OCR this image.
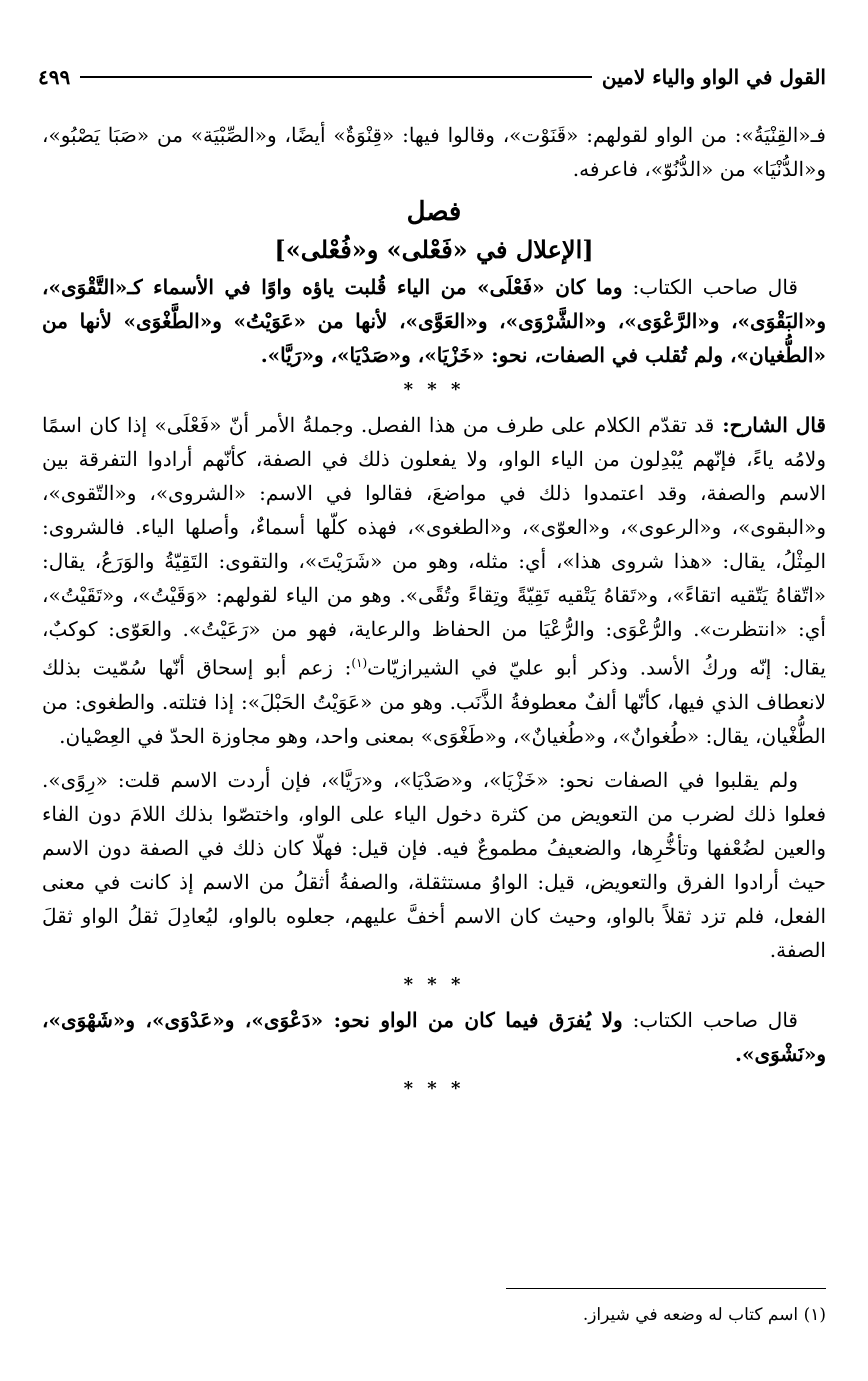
القول في الواو والياء لامين
٤٩٩

فـ«القِنْيَةُ»: من الواو لقولهم: «قَنَوْت»، وقالوا فيها: «قِنْوَةٌ» أيضًا، و«الصِّبْيَة» من «صَبَا يَصْبُو»، و«الدُّنْيَا» من «الدُّنُوّ»، فاعرفه.

فصل
[الإعلال في «فَعْلى» و«فُعْلى»]

قال صاحب الكتاب: وما كان «فَعْلَى» من الياء قُلبت ياؤه واوًا في الأسماء كـ«التَّقْوَى»، و«البَقْوَى»، و«الرَّعْوَى»، و«الشَّرْوَى»، و«العَوَّى»، لأنها من «عَوَيْتُ» و«الطَّغْوَى» لأنها من «الطُّغيان»، ولم تُقلب في الصفات، نحو: «خَزْيَا»، و«صَدْيَا»، و«رَيَّا».

* * *

قال الشارح: قد تقدّم الكلام على طرف من هذا الفصل. وجملةُ الأمر أنّ «فَعْلَى» إذا كان اسمًا ولامُه ياءً، فإنّهم يُبْدِلون من الياء الواو، ولا يفعلون ذلك في الصفة، كأنّهم أرادوا التفرقة بين الاسم والصفة، وقد اعتمدوا ذلك في مواضعَ، فقالوا في الاسم: «الشروى»، و«التّقوى»، و«البقوى»، و«الرعوى»، و«العوّى»، و«الطغوى»، فهذه كلّها أسماءٌ، وأصلها الياء. فالشروى: المِثْلُ، يقال: «هذا شروى هذا»، أي: مثله، وهو من «شَرَيْتَ»، والتقوى: التَقِيّةُ والوَرَعُ، يقال: «اتّقاهُ يَتّقيه اتقاءً»، و«تَقاهُ يَتْقيه تَقِيّةً وتِقاءً وتُقًى». وهو من الياء لقولهم: «وَقَيْتُ»، و«تَقَيْتُ»، أي: «انتظرت». والرُّعْوَى: والرُّعْيَا من الحفاظ والرعاية، فهو من «رَعَيْتُ». والعَوّى: كوكبٌ، يقال: إنّه وركُ الأسد. وذكر أبو عليّ في الشيرازيّات$^{(١)}$: زعم أبو إسحاق أنّها سُمّيت بذلك لانعطاف الذي فيها، كأنّها ألفٌ معطوفةُ الذَّنَب. وهو من «عَوَيْتُ الحَبْلَ»: إذا فتلته. والطغوى: من الطُّغْيان، يقال: «طُغوانٌ»، و«طُغيانٌ»، و«طَغْوَى» بمعنى واحد، وهو مجاوزة الحدّ في العِصْيان.

ولم يقلبوا في الصفات نحو: «خَزْيَا»، و«صَدْيَا»، و«رَيَّا»، فإن أردت الاسم قلت: «رِوًى». فعلوا ذلك لضرب من التعويض من كثرة دخول الياء على الواو، واختصّوا بذلك اللامَ دون الفاء والعين لضُعْفها وتأخُّرِها، والضعيفُ مطموعٌ فيه. فإن قيل: فهلّا كان ذلك في الصفة دون الاسم حيث أرادوا الفرق والتعويض، قيل: الواوُ مستثقلة، والصفةُ أثقلُ من الاسم إذ كانت في معنى الفعل، فلم تزد ثقلاً بالواو، وحيث كان الاسم أخفَّ عليهم، جعلوه بالواو، ليُعادِلَ ثقلُ الواو ثقلَ الصفة.

* * *

قال صاحب الكتاب: ولا يُفرَق فيما كان من الواو نحو: «دَعْوَى»، و«عَدْوَى»، و«شَهْوَى»، و«نَشْوَى».

* * *
(١) اسم كتاب له وضعه في شيراز.
